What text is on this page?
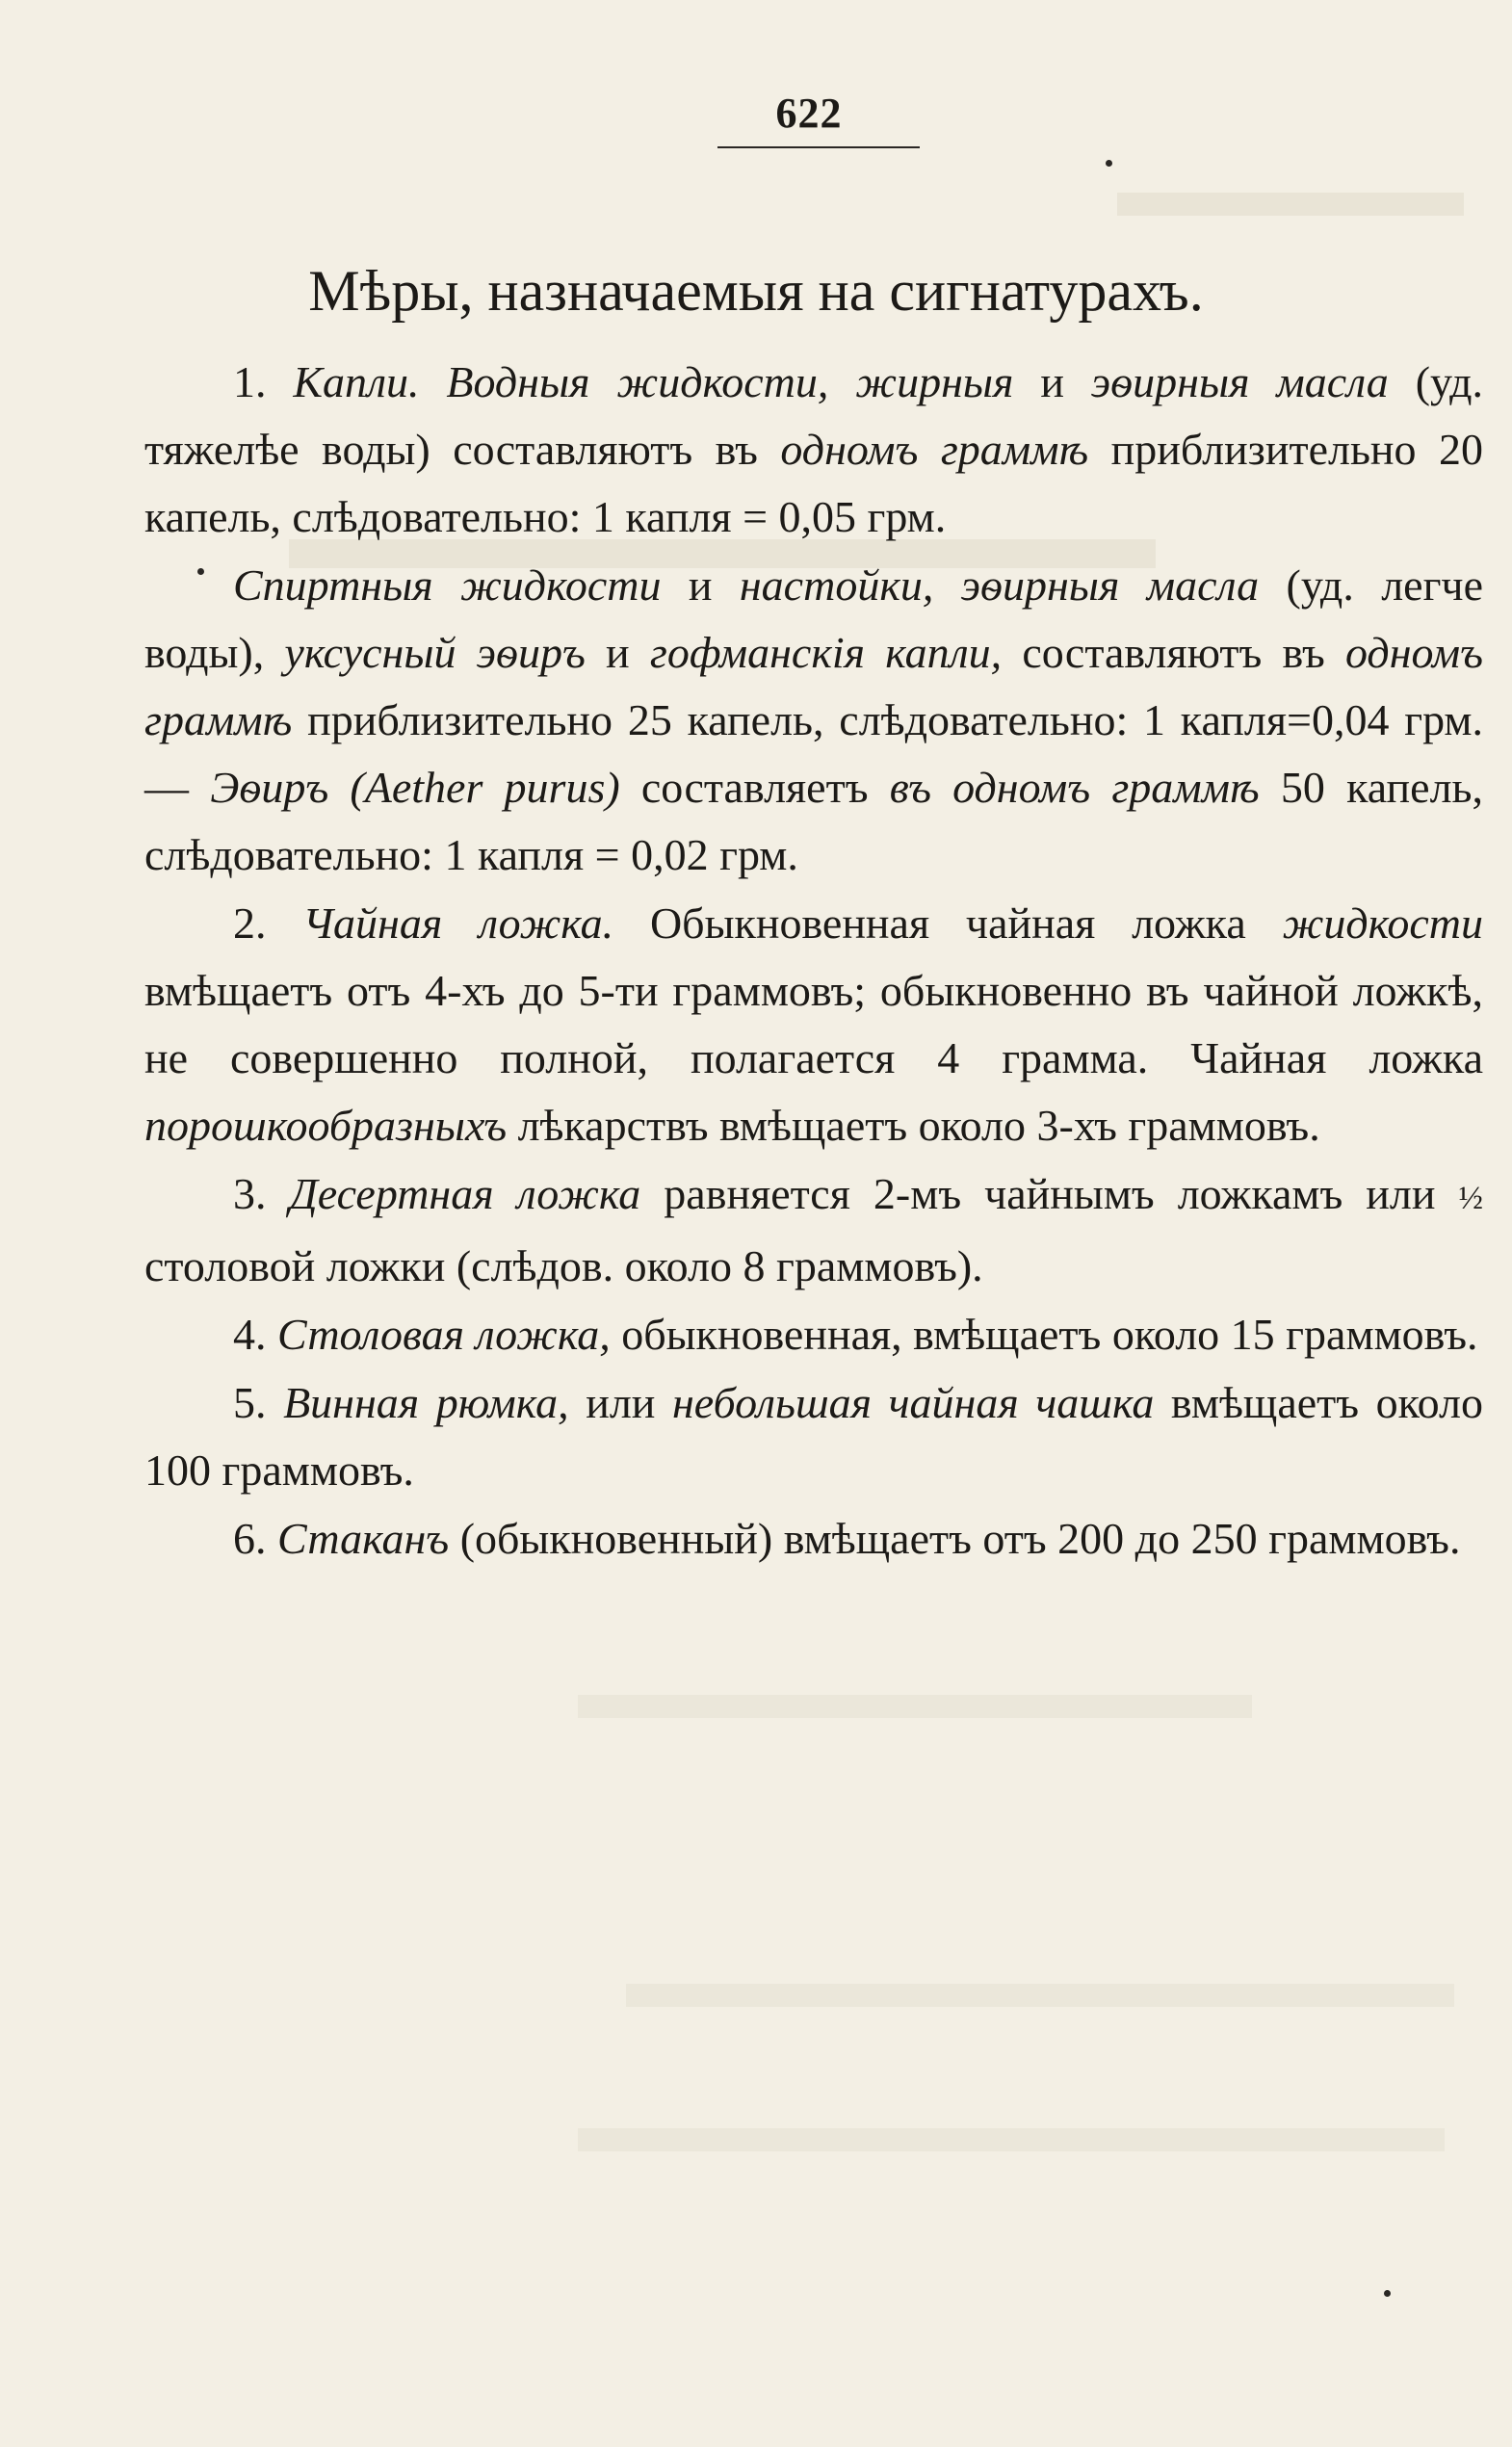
622
Мѣры, назначаемыя на сигнатурахъ.

1. Капли. Водныя жидкости, жирныя и эѳирныя масла (уд. тяжелѣе воды) составляютъ въ одномъ граммѣ приблизительно 20 капель, слѣдовательно: 1 капля = 0,05 грм.

Спиртныя жидкости и настойки, эѳирныя масла (уд. легче воды), уксусный эѳиръ и гофманскія капли, составляютъ въ одномъ граммѣ приблизительно 25 капель, слѣдовательно: 1 капля=0,04 грм.— Эѳиръ (Aether purus) составляетъ въ одномъ граммѣ 50 капель, слѣдовательно: 1 капля = 0,02 грм.

2. Чайная ложка. Обыкновенная чайная ложка жидкости вмѣщаетъ отъ 4-хъ до 5-ти граммовъ; обыкновенно въ чайной ложкѣ, не совершенно полной, полагается 4 грамма. Чайная ложка порошкообразныхъ лѣкарствъ вмѣщаетъ около 3-хъ граммовъ.

3. Десертная ложка равняется 2-мъ чайнымъ ложкамъ или ½ столовой ложки (слѣдов. около 8 граммовъ).

4. Столовая ложка, обыкновенная, вмѣщаетъ около 15 граммовъ.

5. Винная рюмка, или небольшая чайная чашка вмѣщаетъ около 100 граммовъ.

6. Стаканъ (обыкновенный) вмѣщаетъ отъ 200 до 250 граммовъ.
